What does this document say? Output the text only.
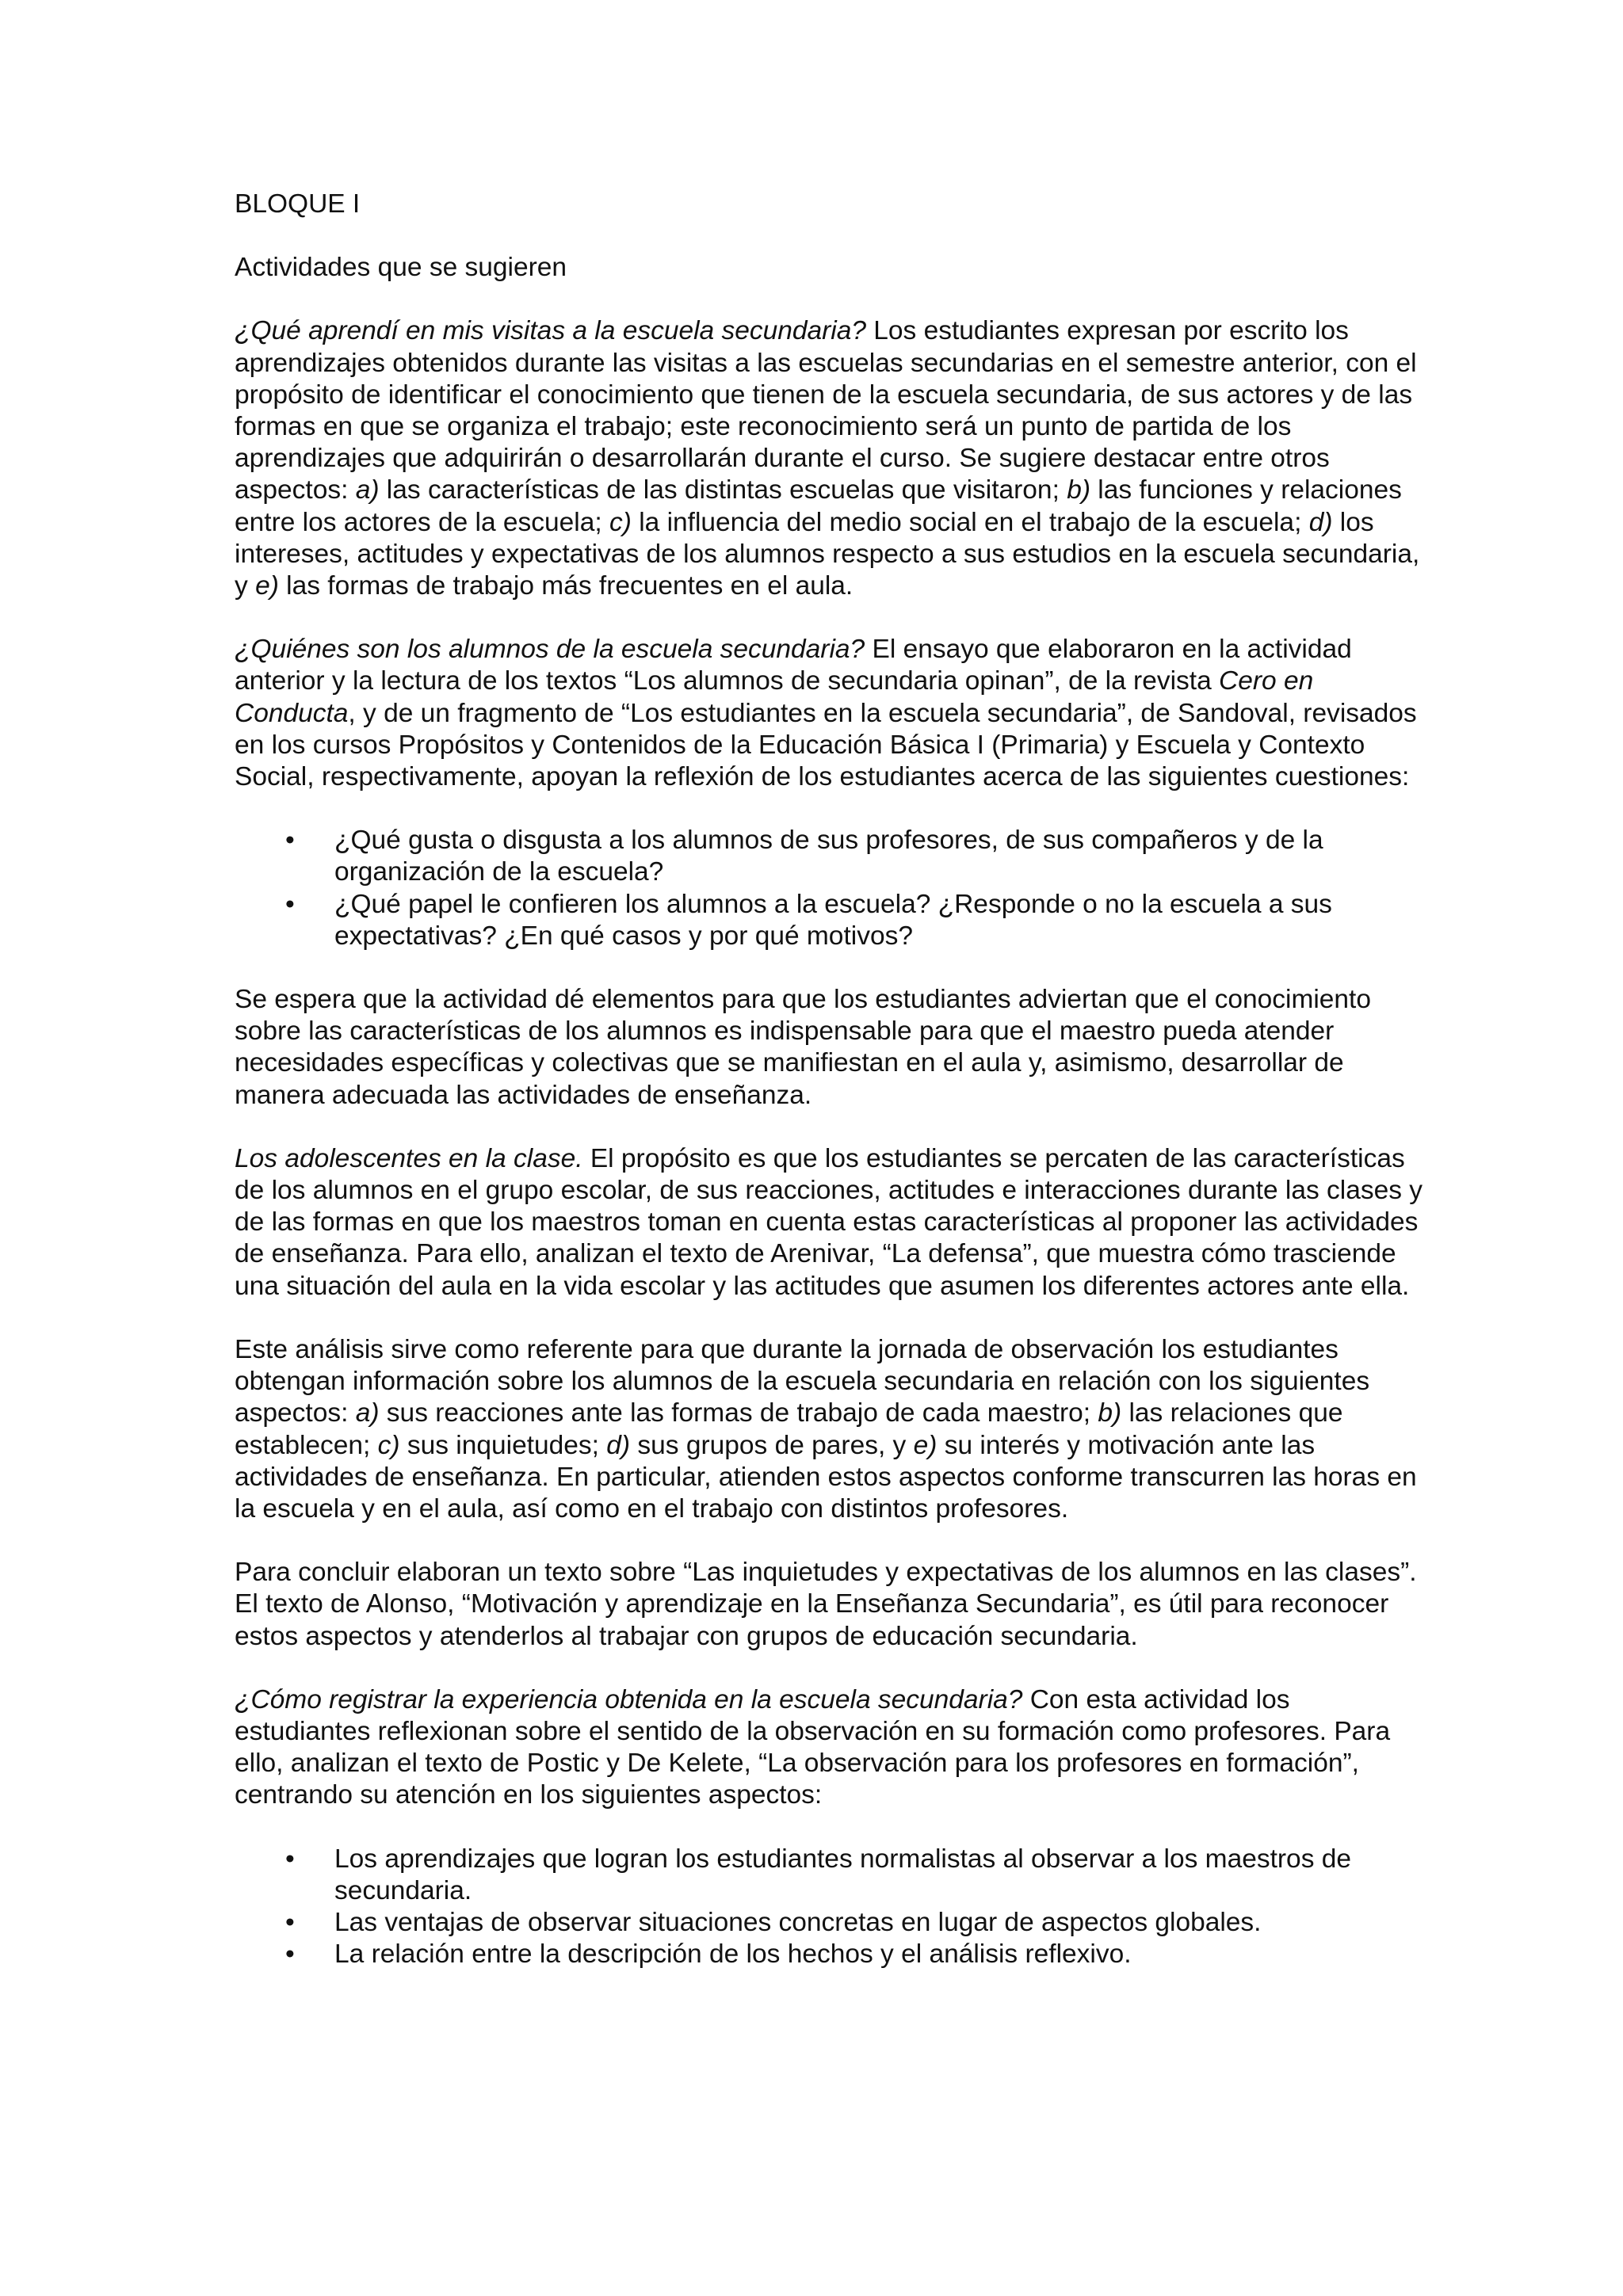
BLOQUE I
Actividades que se sugieren

¿Qué aprendí en mis visitas a la escuela secundaria? Los estudiantes expresan por escrito los aprendizajes obtenidos durante las visitas a las escuelas secundarias en el semestre anterior, con el propósito de identificar el conocimiento que tienen de la escuela secundaria, de sus actores y de las formas en que se organiza el trabajo; este reconocimiento será un punto de partida de los aprendizajes que adquirirán o desarrollarán durante el curso. Se sugiere destacar entre otros aspectos: a) las características de las distintas escuelas que visitaron; b) las funciones y relaciones entre los actores de la escuela; c) la influencia del medio social en el trabajo de la escuela; d) los intereses, actitudes y expectativas de los alumnos respecto a sus estudios en la escuela secundaria, y e) las formas de trabajo más frecuentes en el aula.

¿Quiénes son los alumnos de la escuela secundaria? El ensayo que elaboraron en la actividad anterior y la lectura de los textos “Los alumnos de secundaria opinan”, de la revista Cero en Conducta, y de un fragmento de “Los estudiantes en la escuela secundaria”, de Sandoval, revisados en los cursos Propósitos y Contenidos de la Educación Básica I (Primaria) y Escuela y Contexto Social, respectivamente, apoyan la reflexión de los estudiantes acerca de las siguientes cuestiones:

• ¿Qué gusta o disgusta a los alumnos de sus profesores, de sus compañeros y de la organización de la escuela?
• ¿Qué papel le confieren los alumnos a la escuela? ¿Responde o no la escuela a sus expectativas? ¿En qué casos y por qué motivos?

Se espera que la actividad dé elementos para que los estudiantes adviertan que el conocimiento sobre las características de los alumnos es indispensable para que el maestro pueda atender necesidades específicas y colectivas que se manifiestan en el aula y, asimismo, desarrollar de manera adecuada las actividades de enseñanza.

Los adolescentes en la clase. El propósito es que los estudiantes se percaten de las características de los alumnos en el grupo escolar, de sus reacciones, actitudes e interacciones durante las clases y de las formas en que los maestros toman en cuenta estas características al proponer las actividades de enseñanza. Para ello, analizan el texto de Arenivar, “La defensa”, que muestra cómo trasciende una situación del aula en la vida escolar y las actitudes que asumen los diferentes actores ante ella.

Este análisis sirve como referente para que durante la jornada de observación los estudiantes obtengan información sobre los alumnos de la escuela secundaria en relación con los siguientes aspectos: a) sus reacciones ante las formas de trabajo de cada maestro; b) las relaciones que establecen; c) sus inquietudes; d) sus grupos de pares, y e) su interés y motivación ante las actividades de enseñanza. En particular, atienden estos aspectos conforme transcurren las horas en la escuela y en el aula, así como en el trabajo con distintos profesores.

Para concluir elaboran un texto sobre “Las inquietudes y expectativas de los alumnos en las clases”. El texto de Alonso, “Motivación y aprendizaje en la Enseñanza Secundaria”, es útil para reconocer estos aspectos y atenderlos al trabajar con grupos de educación secundaria.

¿Cómo registrar la experiencia obtenida en la escuela secundaria? Con esta actividad los estudiantes reflexionan sobre el sentido de la observación en su formación como profesores. Para ello, analizan el texto de Postic y De Kelete, “La observación para los profesores en formación”, centrando su atención en los siguientes aspectos:

• Los aprendizajes que logran los estudiantes normalistas al observar a los maestros de secundaria.
• Las ventajas de observar situaciones concretas en lugar de aspectos globales.
• La relación entre la descripción de los hechos y el análisis reflexivo.
